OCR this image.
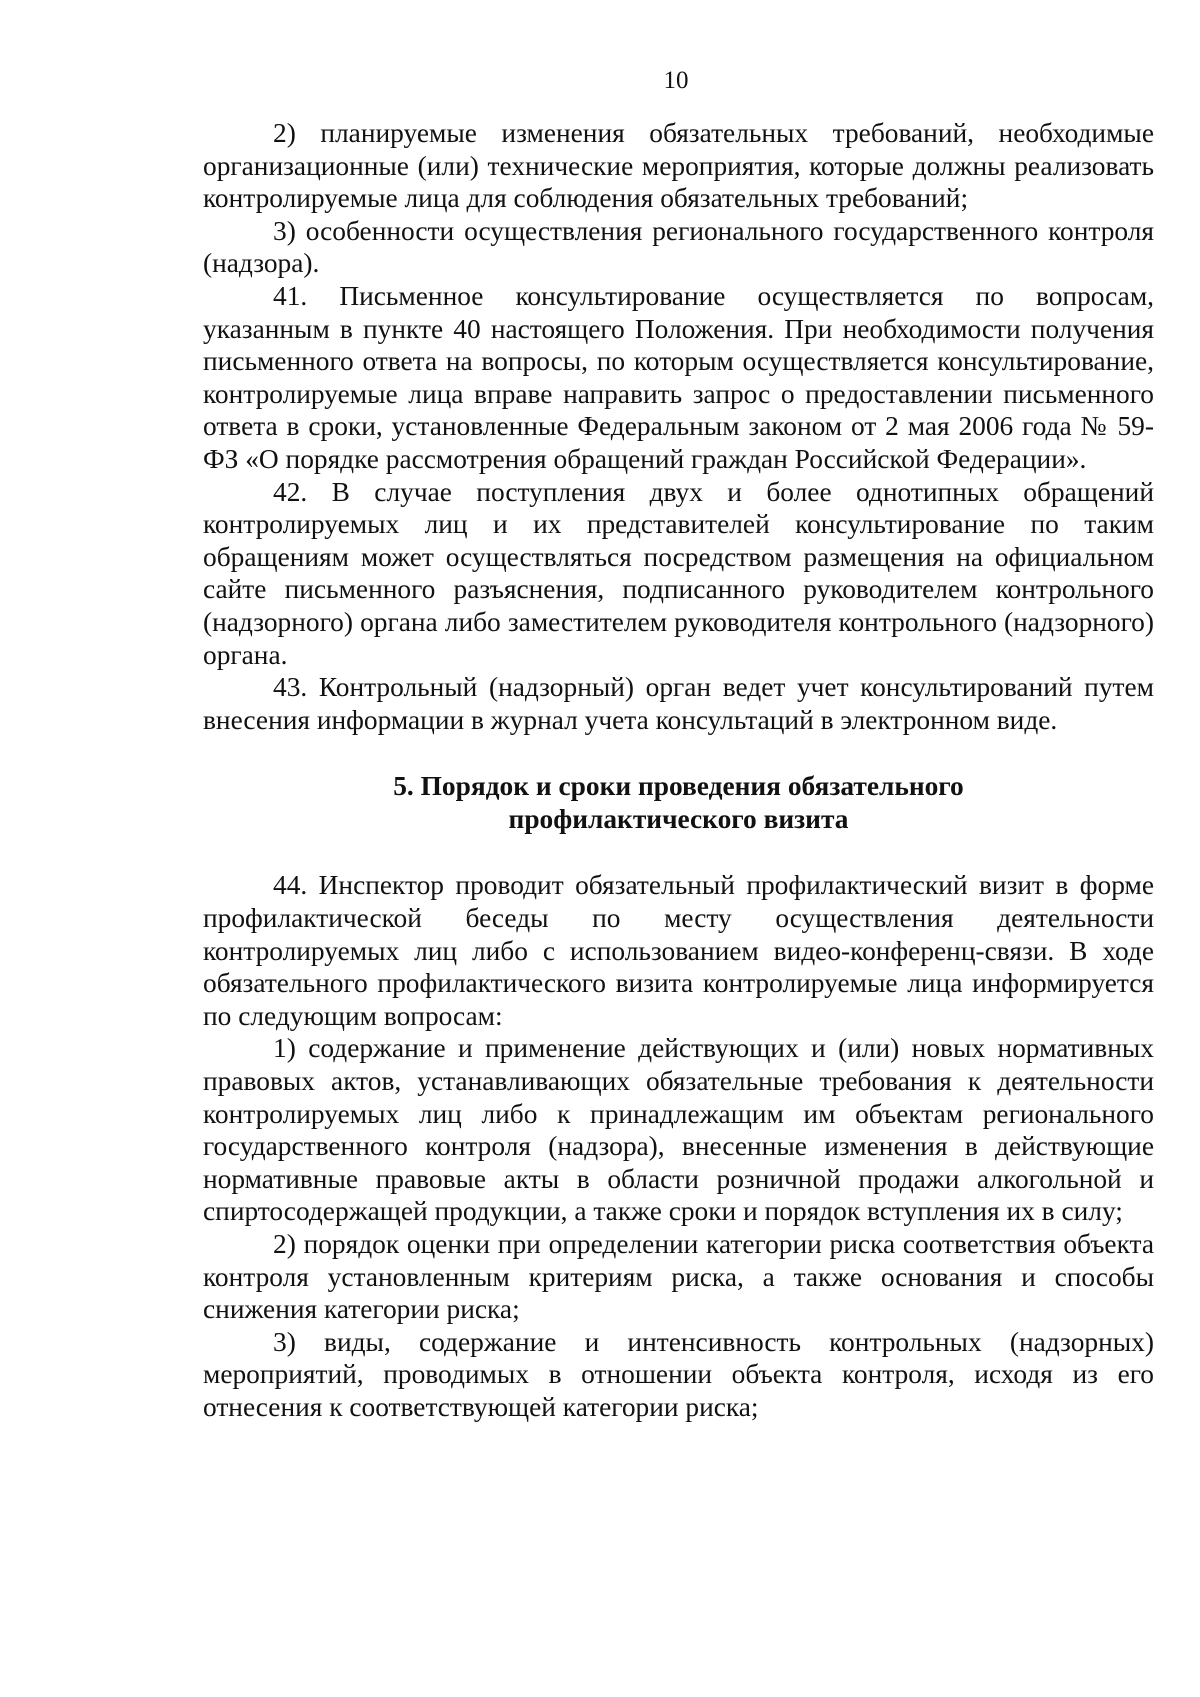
10

2) планируемые изменения обязательных требований, необходимые организационные (или) технические мероприятия, которые должны реализовать контролируемые лица для соблюдения обязательных требований;

3) особенности осуществления регионального государственного контроля (надзора).

41. Письменное консультирование осуществляется по вопросам, указанным в пункте 40 настоящего Положения. При необходимости получения письменного ответа на вопросы, по которым осуществляется консультирование, контролируемые лица вправе направить запрос о предоставлении письменного ответа в сроки, установленные Федеральным законом от 2 мая 2006 года № 59-ФЗ «О порядке рассмотрения обращений граждан Российской Федерации».

42. В случае поступления двух и более однотипных обращений контролируемых лиц и их представителей консультирование по таким обращениям может осуществляться посредством размещения на официальном сайте письменного разъяснения, подписанного руководителем контрольного (надзорного) органа либо заместителем руководителя контрольного (надзорного) органа.

43. Контрольный (надзорный) орган ведет учет консультирований путем внесения информации в журнал учета консультаций в электронном виде.

5. Порядок и сроки проведения обязательного
профилактического визита

44. Инспектор проводит обязательный профилактический визит в форме профилактической беседы по месту осуществления деятельности контролируемых лиц либо с использованием видео-конференц-связи. В ходе обязательного профилактического визита контролируемые лица информируется по следующим вопросам:

1) содержание и применение действующих и (или) новых нормативных правовых актов, устанавливающих обязательные требования к деятельности контролируемых лиц либо к принадлежащим им объектам регионального государственного контроля (надзора), внесенные изменения в действующие нормативные правовые акты в области розничной продажи алкогольной и спиртосодержащей продукции, а также сроки и порядок вступления их в силу;

2) порядок оценки при определении категории риска соответствия объекта контроля установленным критериям риска, а также основания и способы снижения категории риска;

3) виды, содержание и интенсивность контрольных (надзорных) мероприятий, проводимых в отношении объекта контроля, исходя из его отнесения к соответствующей категории риска;
